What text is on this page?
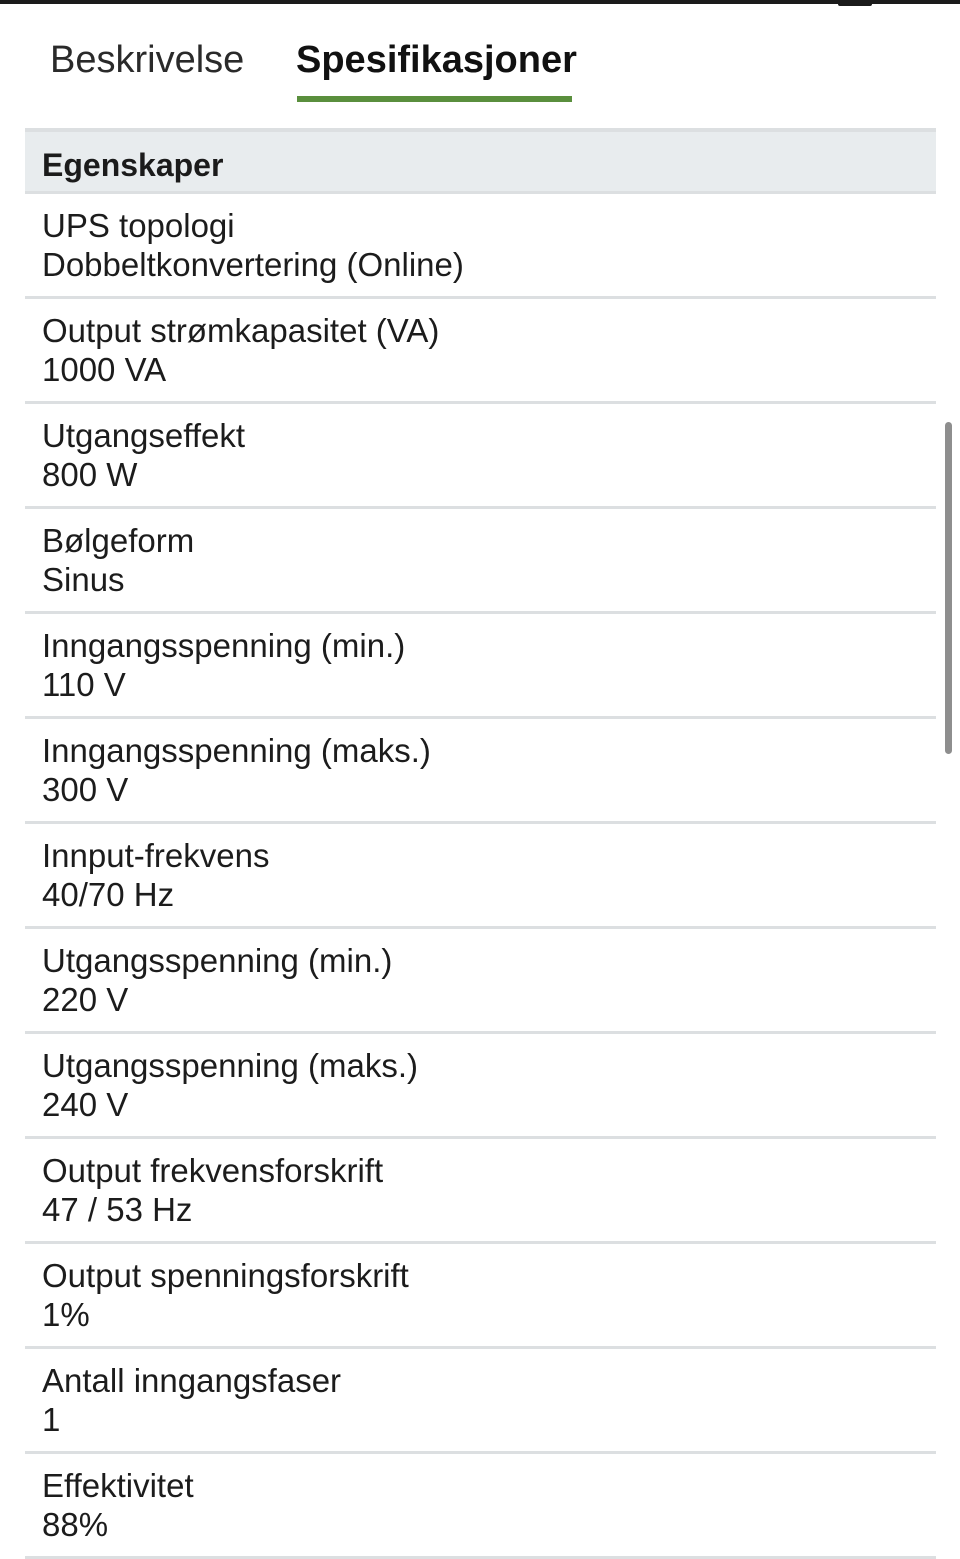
Beskrivelse Spesifikasjoner
Egenskaper
UPS topologi
Dobbeltkonvertering (Online)
Output strømkapasitet (VA)
1000 VA
Utgangseffekt
800 W
Bølgeform
Sinus
Inngangsspenning (min.)
110 V
Inngangsspenning (maks.)
300 V
Innput-frekvens
40/70 Hz
Utgangsspenning (min.)
220 V
Utgangsspenning (maks.)
240 V
Output frekvensforskrift
47 / 53 Hz
Output spenningsforskrift
1%
Antall inngangsfaser
1
Effektivitet
88%
